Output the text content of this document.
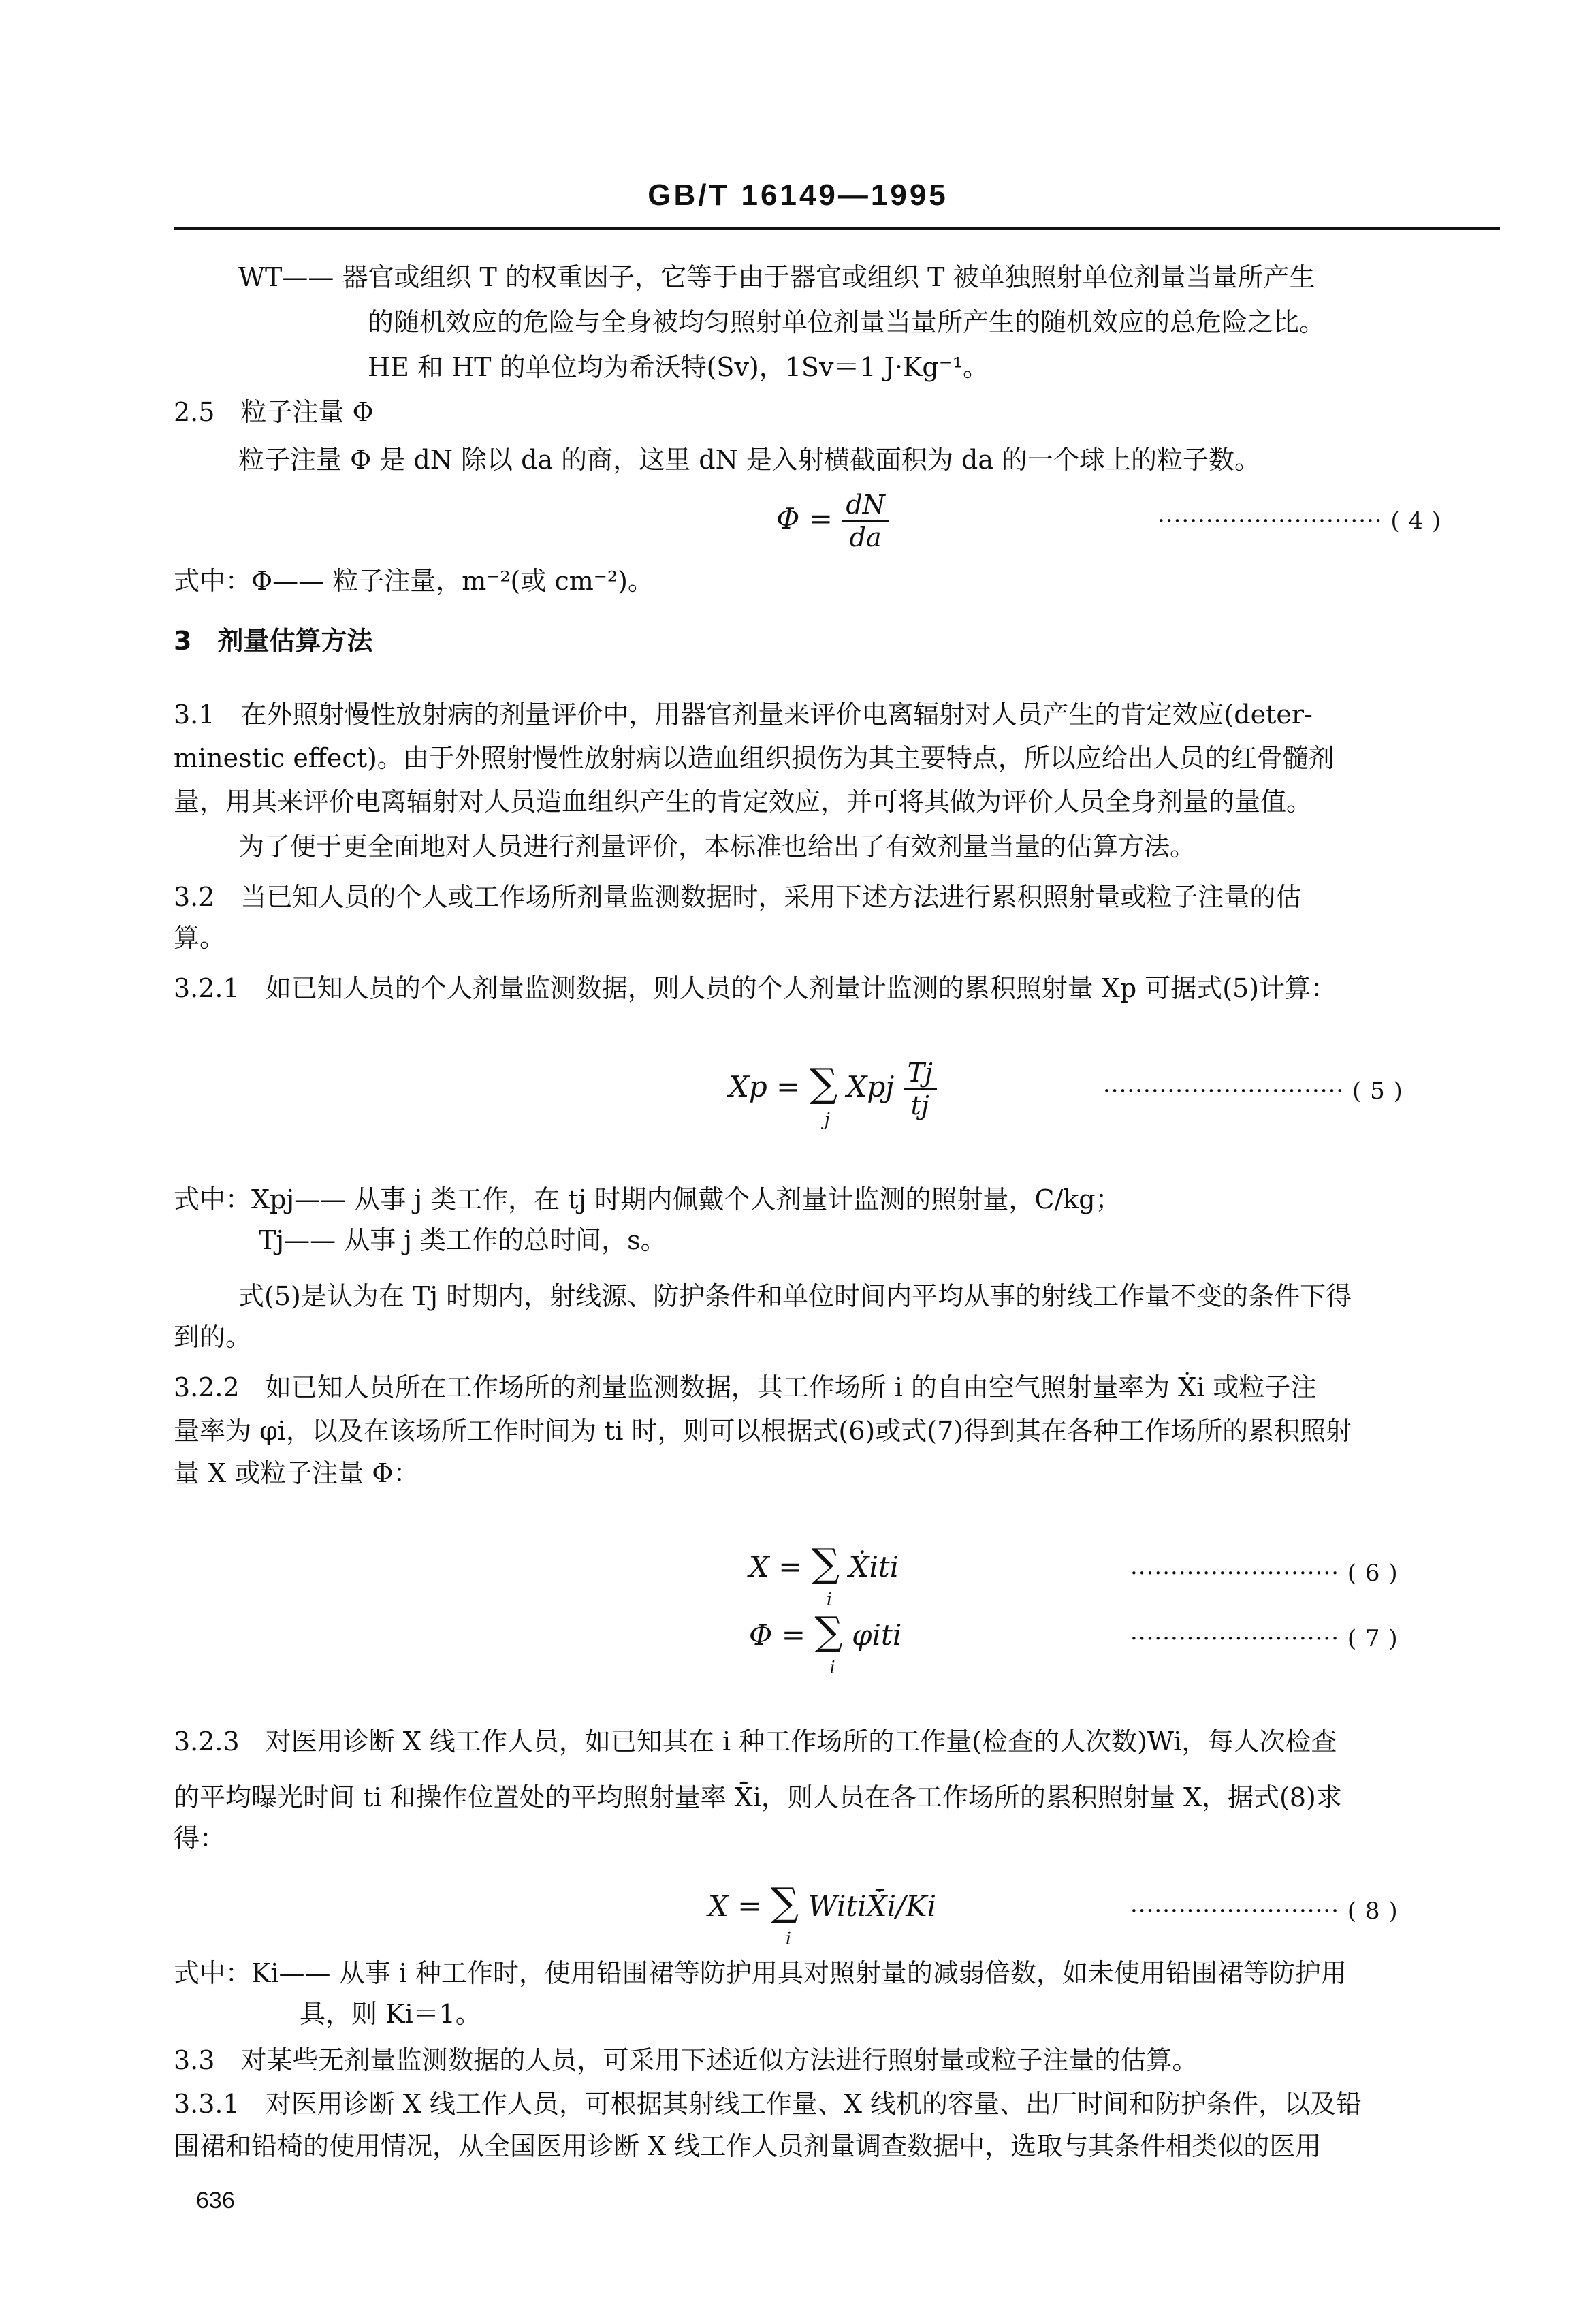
GB/T 16149—1995
WT—— 器官或组织 T 的权重因子，它等于由于器官或组织 T 被单独照射单位剂量当量所产生
的随机效应的危险与全身被均匀照射单位剂量当量所产生的随机效应的总危险之比。
HE 和 HT 的单位均为希沃特(Sv)，1Sv＝1 J·Kg⁻¹。
2.5　粒子注量 Φ
粒子注量 Φ 是 dN 除以 da 的商，这里 dN 是入射横截面积为 da 的一个球上的粒子数。
$\Phi = \frac{dN}{da}$	···························· ( 4 )
式中：Φ—— 粒子注量，m⁻²(或 cm⁻²)。
3　剂量估算方法
3.1　在外照射慢性放射病的剂量评价中，用器官剂量来评价电离辐射对人员产生的肯定效应(deter-
minestic effect)。由于外照射慢性放射病以造血组织损伤为其主要特点，所以应给出人员的红骨髓剂
量，用其来评价电离辐射对人员造血组织产生的肯定效应，并可将其做为评价人员全身剂量的量值。
为了便于更全面地对人员进行剂量评价，本标准也给出了有效剂量当量的估算方法。
3.2　当已知人员的个人或工作场所剂量监测数据时，采用下述方法进行累积照射量或粒子注量的估
算。
3.2.1　如已知人员的个人剂量监测数据，则人员的个人剂量计监测的累积照射量 Xp 可据式(5)计算：
Xp = ∑
j
Xpj $\frac{Tj}{tj}$	······························ ( 5 )
式中：Xpj—— 从事 j 类工作，在 tj 时期内佩戴个人剂量计监测的照射量，C/kg；
Tj—— 从事 j 类工作的总时间，s。
式(5)是认为在 Tj 时期内，射线源、防护条件和单位时间内平均从事的射线工作量不变的条件下得
到的。
3.2.2　如已知人员所在工作场所的剂量监测数据，其工作场所 i 的自由空气照射量率为 Ẋi 或粒子注
量率为 φi，以及在该场所工作时间为 ti 时，则可以根据式(6)或式(7)得到其在各种工作场所的累积照射
量 X 或粒子注量 Φ：
X = ∑
i
Ẋiti	·························· ( 6 )
Φ = ∑
i
φiti	·························· ( 7 )
3.2.3　对医用诊断 X 线工作人员，如已知其在 i 种工作场所的工作量(检查的人次数)Wi，每人次检查
的平均曝光时间 ti 和操作位置处的平均照射量率 X̄̇i，则人员在各工作场所的累积照射量 X，据式(8)求
得：
X = ∑
i
WitiX̄̇i/Ki	·························· ( 8 )
式中：Ki—— 从事 i 种工作时，使用铅围裙等防护用具对照射量的减弱倍数，如未使用铅围裙等防护用
具，则 Ki＝1。
3.3　对某些无剂量监测数据的人员，可采用下述近似方法进行照射量或粒子注量的估算。
3.3.1　对医用诊断 X 线工作人员，可根据其射线工作量、X 线机的容量、出厂时间和防护条件，以及铅
围裙和铅椅的使用情况，从全国医用诊断 X 线工作人员剂量调查数据中，选取与其条件相类似的医用
636
